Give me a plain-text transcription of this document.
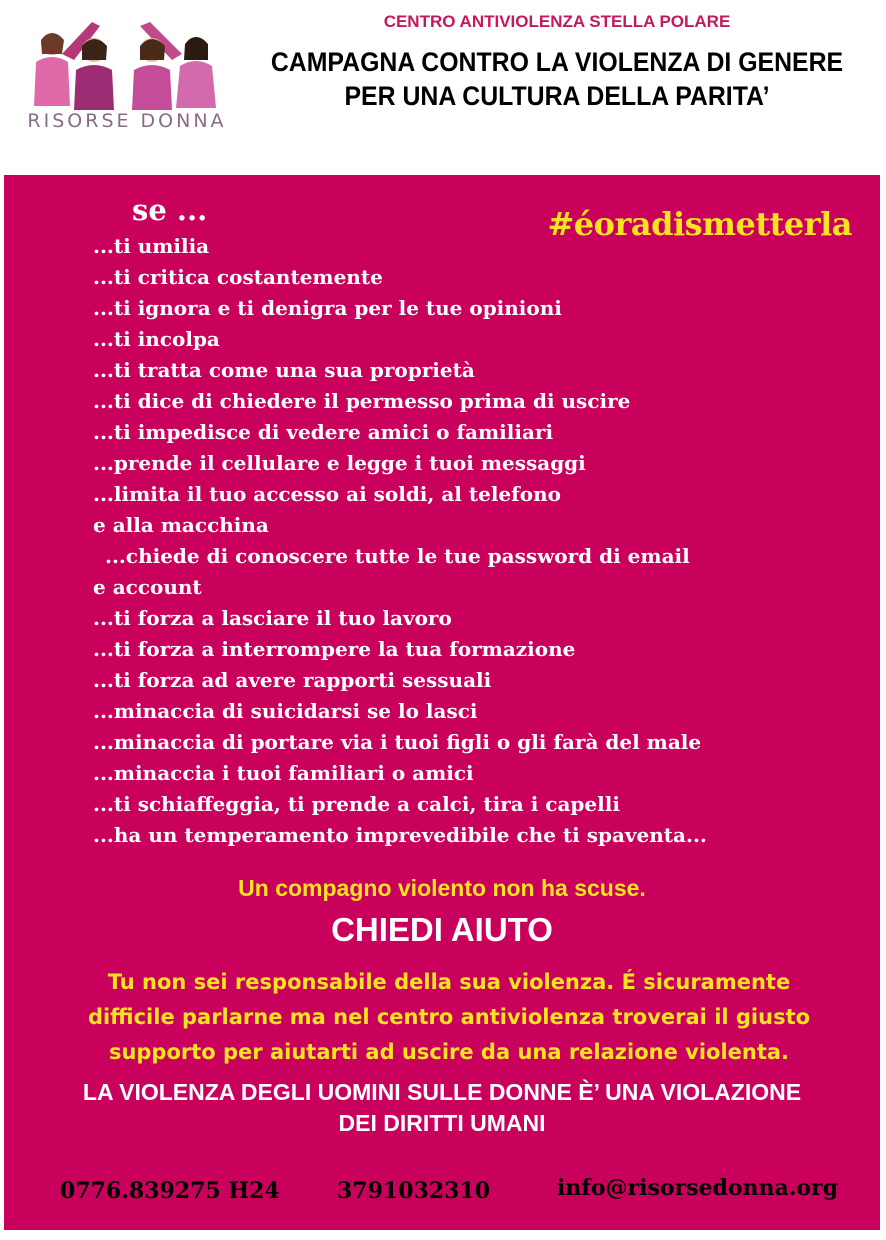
RISORSE DONNA
CENTRO ANTIVIOLENZA STELLA POLARE
CAMPAGNA CONTRO LA VIOLENZA DI GENERE
PER UNA CULTURA DELLA PARITA’
se ...	#éoradismetterla
...ti umilia
...ti critica costantemente
...ti ignora e ti denigra per le tue opinioni
...ti incolpa
...ti tratta come una sua proprietà
...ti dice di chiedere il permesso prima di uscire
...ti impedisce di vedere amici o familiari
...prende il cellulare e legge i tuoi messaggi
...limita il tuo accesso ai soldi, al telefono
e alla macchina
...chiede di conoscere tutte le tue password di email
e account
...ti forza a lasciare il tuo lavoro
...ti forza a interrompere la tua formazione
...ti forza ad avere rapporti sessuali
...minaccia di suicidarsi se lo lasci
...minaccia di portare via i tuoi figli o gli farà del male
...minaccia i tuoi familiari o amici
...ti schiaffeggia, ti prende a calci, tira i capelli
...ha un temperamento imprevedibile che ti spaventa...
Un compagno violento non ha scuse.
CHIEDI AIUTO
Tu non sei responsabile della sua violenza. É sicuramente
difficile parlarne ma nel centro antiviolenza troverai il giusto
supporto per aiutarti ad uscire da una relazione violenta.
LA VIOLENZA DEGLI UOMINI SULLE DONNE È’ UNA VIOLAZIONE
DEI DIRITTI UMANI
0776.839275 H24	3791032310	info@risorsedonna.org
